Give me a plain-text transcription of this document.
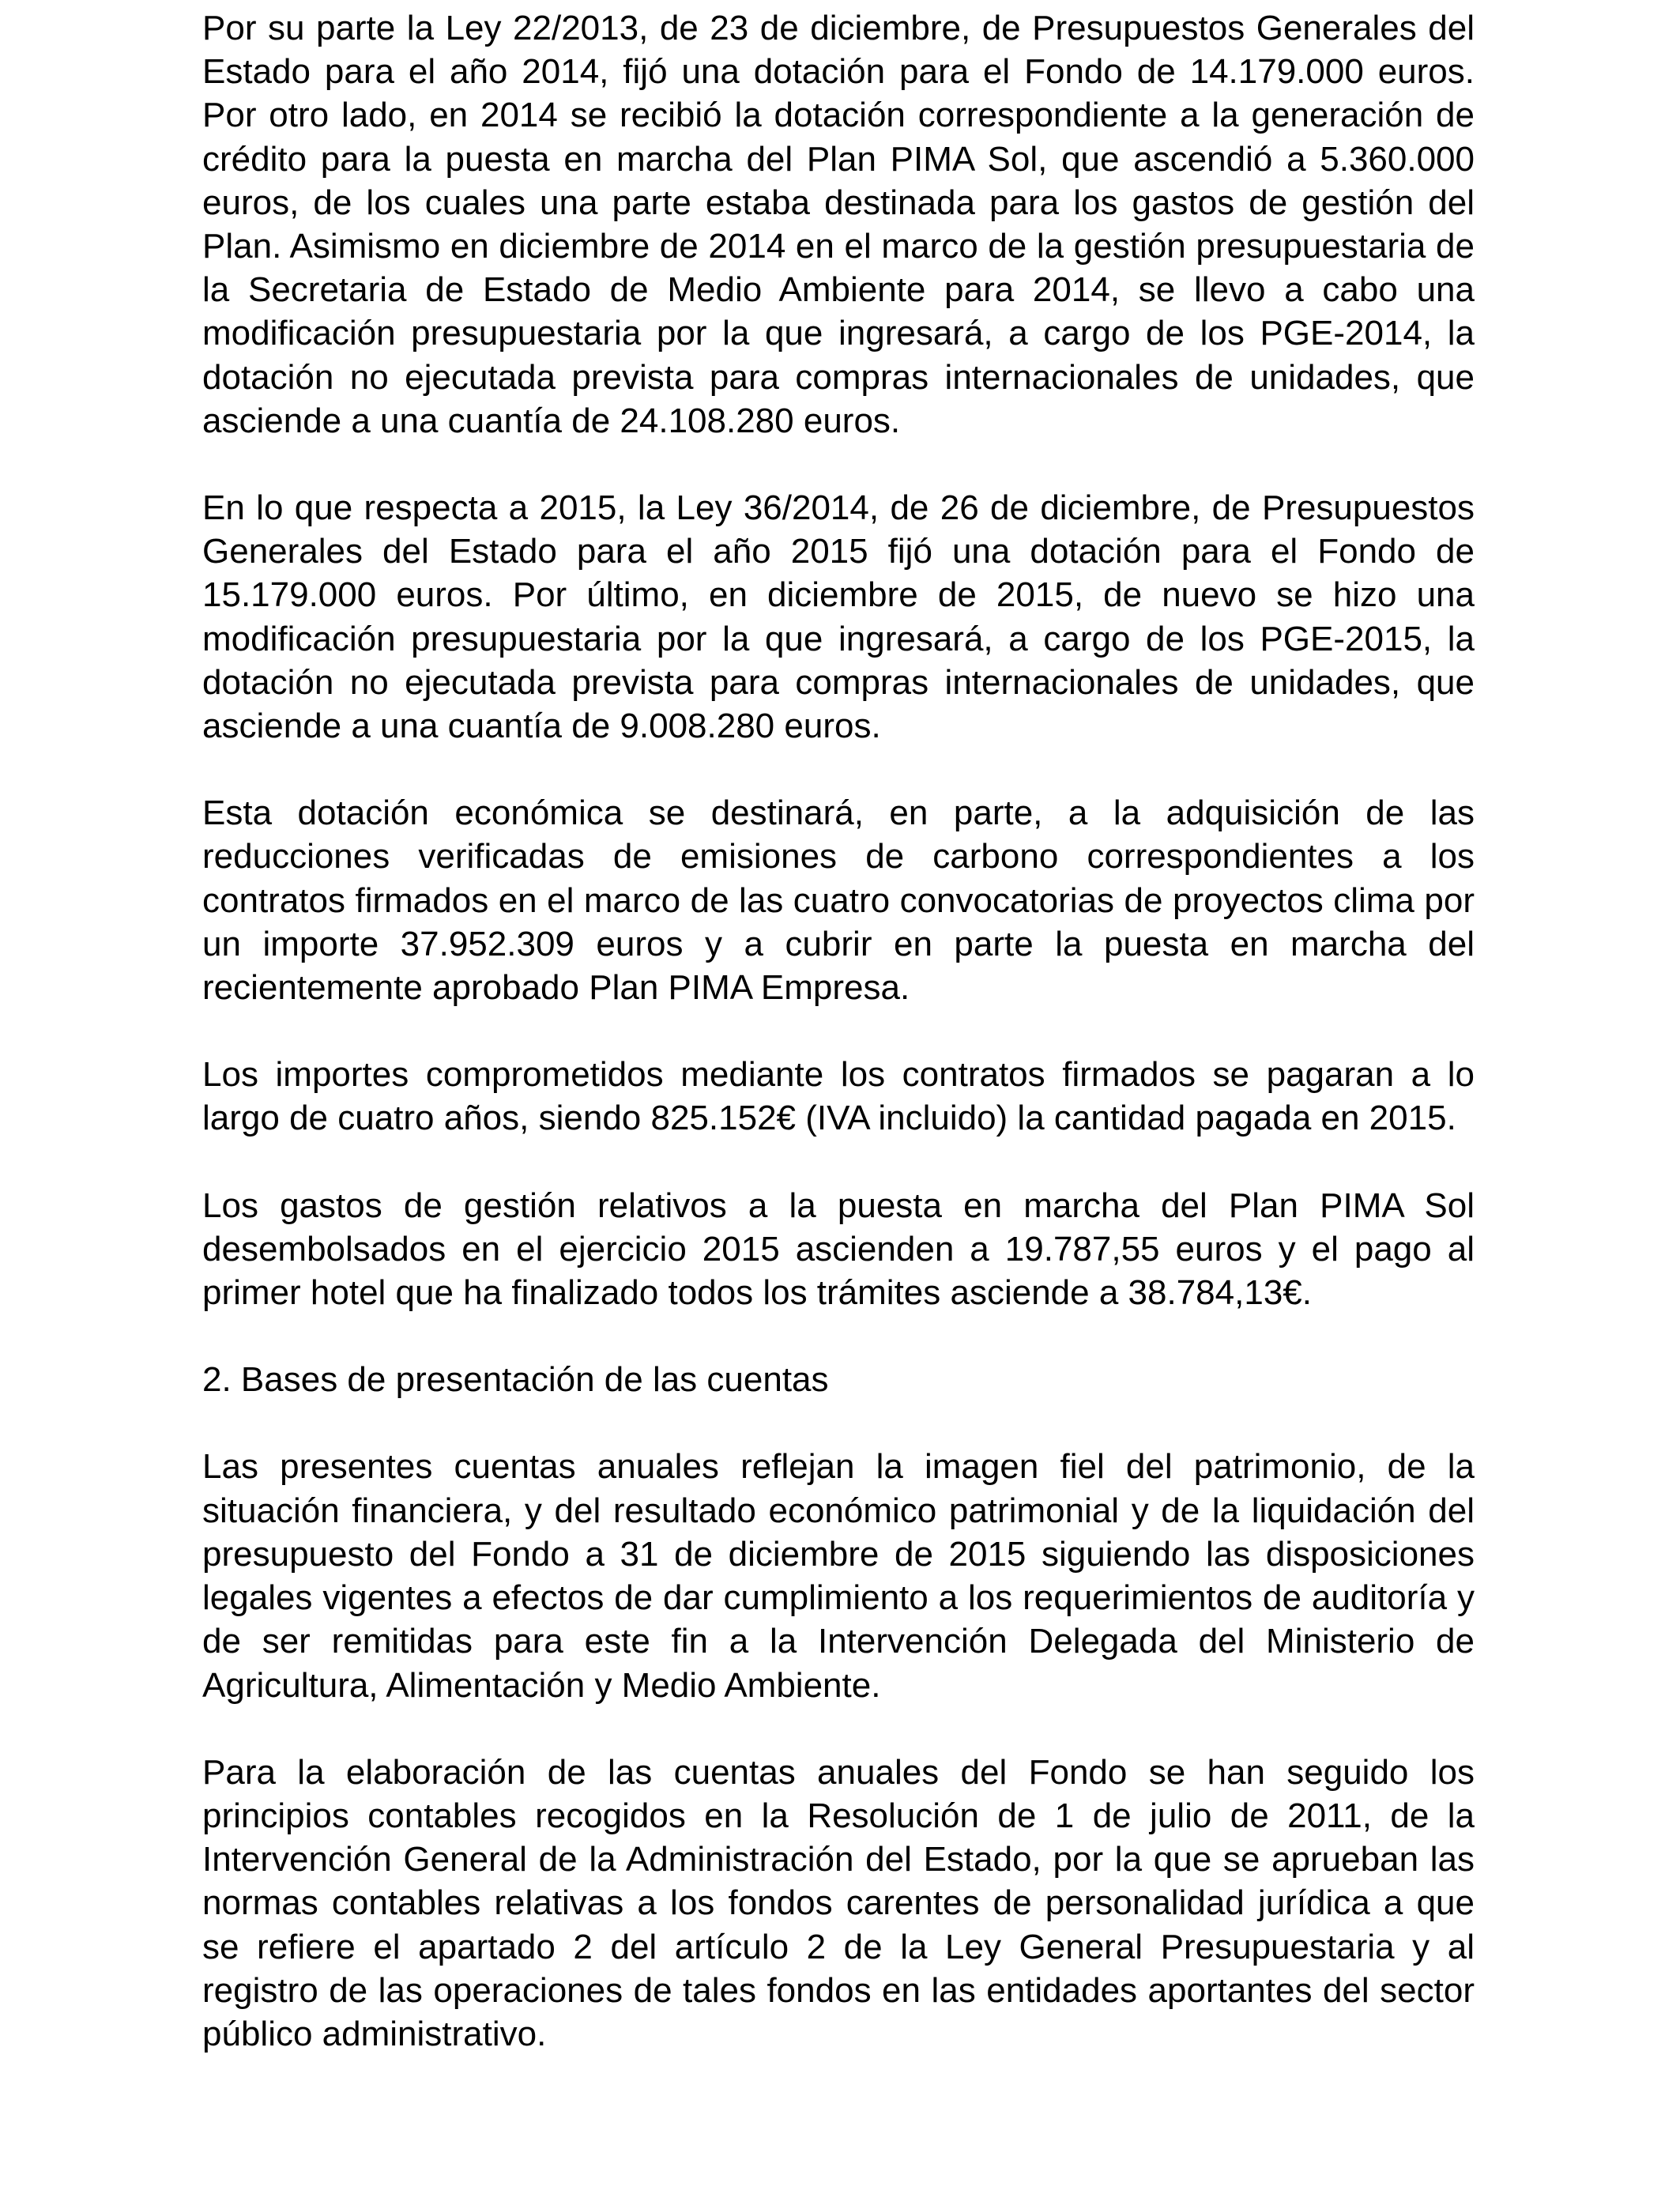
Por su parte la Ley 22/2013, de 23 de diciembre, de Presupuestos Generales del Estado para el año 2014, fijó una dotación para el Fondo de 14.179.000 euros. Por otro lado, en 2014 se recibió la dotación correspondiente a la generación de crédito para la puesta en marcha del Plan PIMA Sol, que ascendió a 5.360.000 euros, de los cuales una parte estaba destinada para los gastos de gestión del Plan. Asimismo en diciembre de 2014 en el marco de la gestión presupuestaria de la Secretaria de Estado de Medio Ambiente para 2014, se llevo a cabo una modificación presupuestaria por la que ingresará, a cargo de los PGE-2014, la dotación no ejecutada prevista para compras internacionales de unidades, que asciende a una cuantía de 24.108.280 euros.

En lo que respecta a 2015, la Ley 36/2014, de 26 de diciembre, de Presupuestos Generales del Estado para el año 2015 fijó una dotación para el Fondo de 15.179.000 euros. Por último, en diciembre de 2015, de nuevo se hizo una modificación presupuestaria por la que ingresará, a cargo de los PGE-2015, la dotación no ejecutada prevista para compras internacionales de unidades, que asciende a una cuantía de 9.008.280 euros.

Esta dotación económica se destinará, en parte, a la adquisición de las reducciones verificadas de emisiones de carbono correspondientes a los contratos firmados en el marco de las cuatro convocatorias de proyectos clima por un importe 37.952.309 euros y a cubrir en parte la puesta en marcha del recientemente aprobado Plan PIMA Empresa.

Los importes comprometidos mediante los contratos firmados se pagaran a lo largo de cuatro años, siendo 825.152€ (IVA incluido) la cantidad pagada en 2015.

Los gastos de gestión relativos a la puesta en marcha del Plan PIMA Sol desembolsados en el ejercicio 2015 ascienden a 19.787,55 euros y el pago al primer hotel que ha finalizado todos los trámites asciende a 38.784,13€.

2. Bases de presentación de las cuentas

Las presentes cuentas anuales reflejan la imagen fiel del patrimonio, de la situación financiera, y del resultado económico patrimonial y de la liquidación del presupuesto del Fondo a 31 de diciembre de 2015 siguiendo las disposiciones legales vigentes a efectos de dar cumplimiento a los requerimientos de auditoría y de ser remitidas para este fin a la Intervención Delegada del Ministerio de Agricultura, Alimentación y Medio Ambiente.

Para la elaboración de las cuentas anuales del Fondo se han seguido los principios contables recogidos en la Resolución de 1 de julio de 2011, de la Intervención General de la Administración del Estado, por la que se aprueban las normas contables relativas a los fondos carentes de personalidad jurídica a que se refiere el apartado 2 del artículo 2 de la Ley General Presupuestaria y al registro de las operaciones de tales fondos en las entidades aportantes del sector público administrativo.
